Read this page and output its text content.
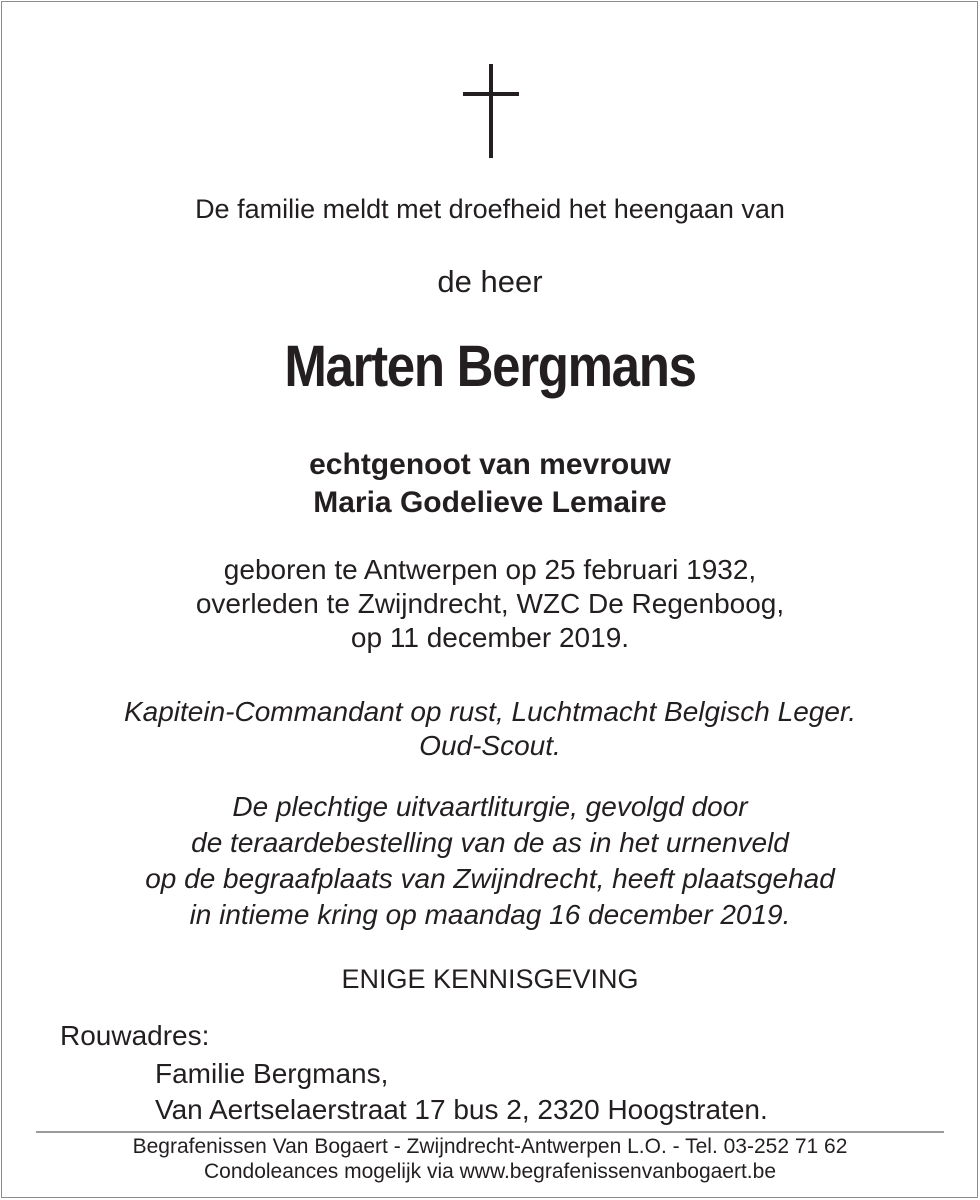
De familie meldt met droefheid het heengaan van
de heer
Marten Bergmans
echtgenoot van mevrouw
Maria Godelieve Lemaire
geboren te Antwerpen op 25 februari 1932,
overleden te Zwijndrecht, WZC De Regenboog,
op 11 december 2019.
Kapitein-Commandant op rust, Luchtmacht Belgisch Leger.
Oud-Scout.
De plechtige uitvaartliturgie, gevolgd door
de teraardebestelling van de as in het urnenveld
op de begraafplaats van Zwijndrecht, heeft plaatsgehad
in intieme kring op maandag 16 december 2019.
ENIGE KENNISGEVING
Rouwadres:
Familie Bergmans,
Van Aertselaerstraat 17 bus 2, 2320 Hoogstraten.
Begrafenissen Van Bogaert - Zwijndrecht-Antwerpen L.O. - Tel. 03-252 71 62
Condoleances mogelijk via www.begrafenissenvanbogaert.be
